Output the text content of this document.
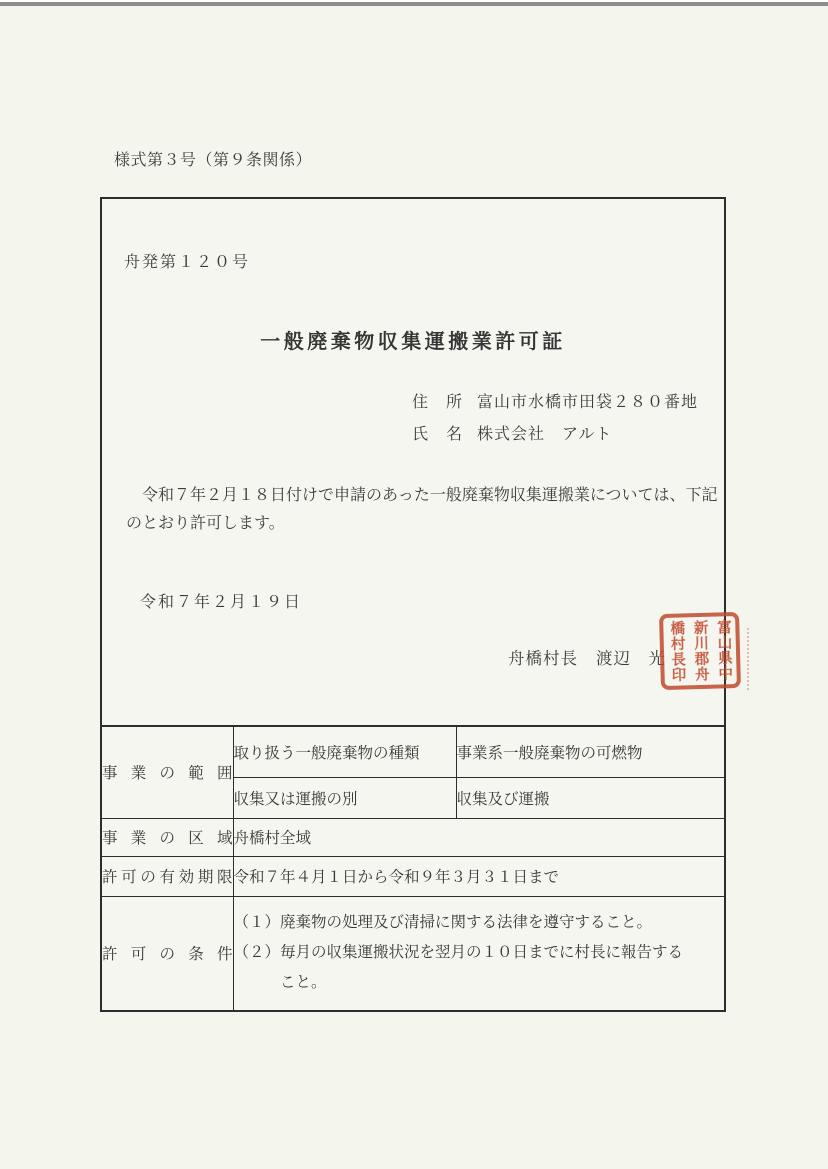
様式第３号（第９条関係）
舟発第１２０号
一般廃棄物収集運搬業許可証
住　所 富山市水橋市田袋２８０番地
氏　名 株式会社　アルト
令和７年２月１８日付けで申請のあった一般廃棄物収集運搬業については、下記のとおり許可します。
令和７年２月１９日
舟橋村長 渡辺　光	富山県中
新川郡舟
橋村長印
事業の範囲	取り扱う一般廃棄物の種類	事業系一般廃棄物の可燃物
	収集又は運搬の別	収集及び運搬

事業の区域	舟橋村全域	

許可の有効期限	令和７年４月１日から令和９年３月３１日まで	

許可の条件	（１）廃棄物の処理及び清掃に関する法律を遵守すること。
（２）毎月の収集運搬状況を翌月の１０日までに村長に報告する
こと。	
